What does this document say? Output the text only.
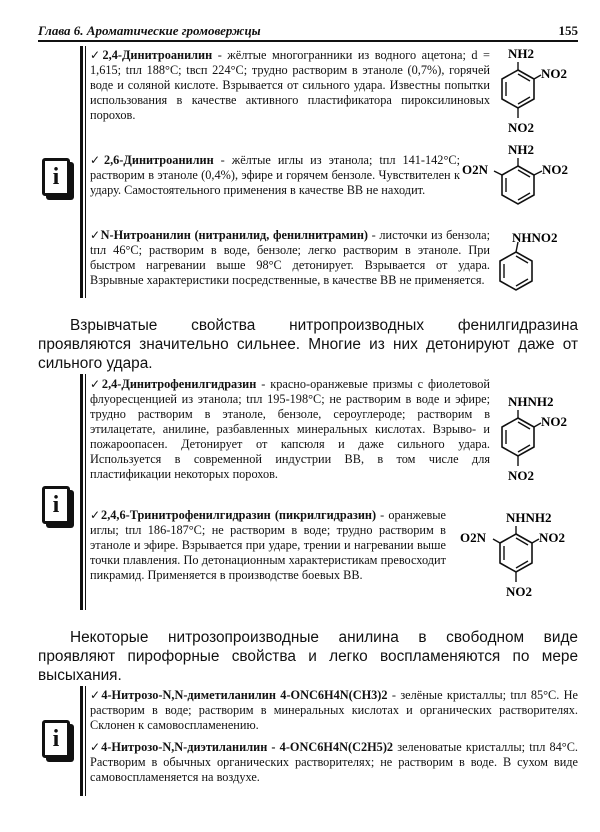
Глава 6. Ароматические громовержцы	155
i
✓2,4-Динитроанилин - жёлтые многогранники из водного ацетона; d = 1,615; tпл 188°С; tвсп 224°С; трудно растворим в этаноле (0,7%), горячей воде и соляной кислоте. Взрывается от сильного удара. Известны попытки использования в качестве активного пластификатора пироксилиновых порохов.
✓2,6-Динитроанилин - жёлтые иглы из этанола; tпл 141-142°С; растворим в этаноле (0,4%), эфире и горячем бензоле. Чувствителен к удару. Самостоятельного применения в качестве ВВ не находит.
✓N-Нитроанилин (нитранилид, фенилнитрамин) - листочки из бензола; tпл 46°С; растворим в воде, бензоле; легко растворим в этаноле. При быстром нагревании выше 98°С детонирует. Взрывается от удара. Взрывные характеристики посредственные, в качестве ВВ не применяется.
NH2
NO2
NO2
NH2
NO2
O2N
NHNO2
Взрывчатые свойства нитропроизводных фенилгидразина проявляются значительно сильнее. Многие из них детонируют даже от сильного удара.
i
✓2,4-Динитрофенилгидразин - красно-оранжевые призмы с фиолетовой флуоресценцией из этанола; tпл 195-198°С; не растворим в воде и эфире; трудно растворим в этаноле, бензоле, сероуглероде; растворим в этилацетате, анилине, разбавленных минеральных кислотах. Взрыво- и пожароопасен. Детонирует от капсюля и даже сильного удара. Используется в современной индустрии ВВ, в том числе для пластификации некоторых порохов.
✓2,4,6-Тринитрофенилгидразин (пикрилгидразин) - оранжевые иглы; tпл 186-187°С; не растворим в воде; трудно растворим в этаноле и эфире. Взрывается при ударе, трении и нагревании выше точки плавления. По детонационным характеристикам превосходит пикрамид. Применяется в производстве боевых ВВ.
NHNH2
NO2
NO2
NHNH2
NO2
O2N
NO2
Некоторые нитрозопроизводные анилина в свободном виде проявляют пирофорные свойства и легко воспламеняются по мере высыхания.
i
✓4-Нитрозо-N,N-диметиланилин 4-ONC6H4N(CH3)2 - зелёные кристаллы; tпл 85°С. Не растворим в воде; растворим в минеральных кислотах и органических растворителях. Склонен к самовоспламенению.
✓4-Нитрозо-N,N-диэтиланилин - 4-ONC6H4N(C2H5)2 зеленоватые кристаллы; tпл 84°С. Растворим в обычных органических растворителях; не растворим в воде. В сухом виде самовоспламеняется на воздухе.
